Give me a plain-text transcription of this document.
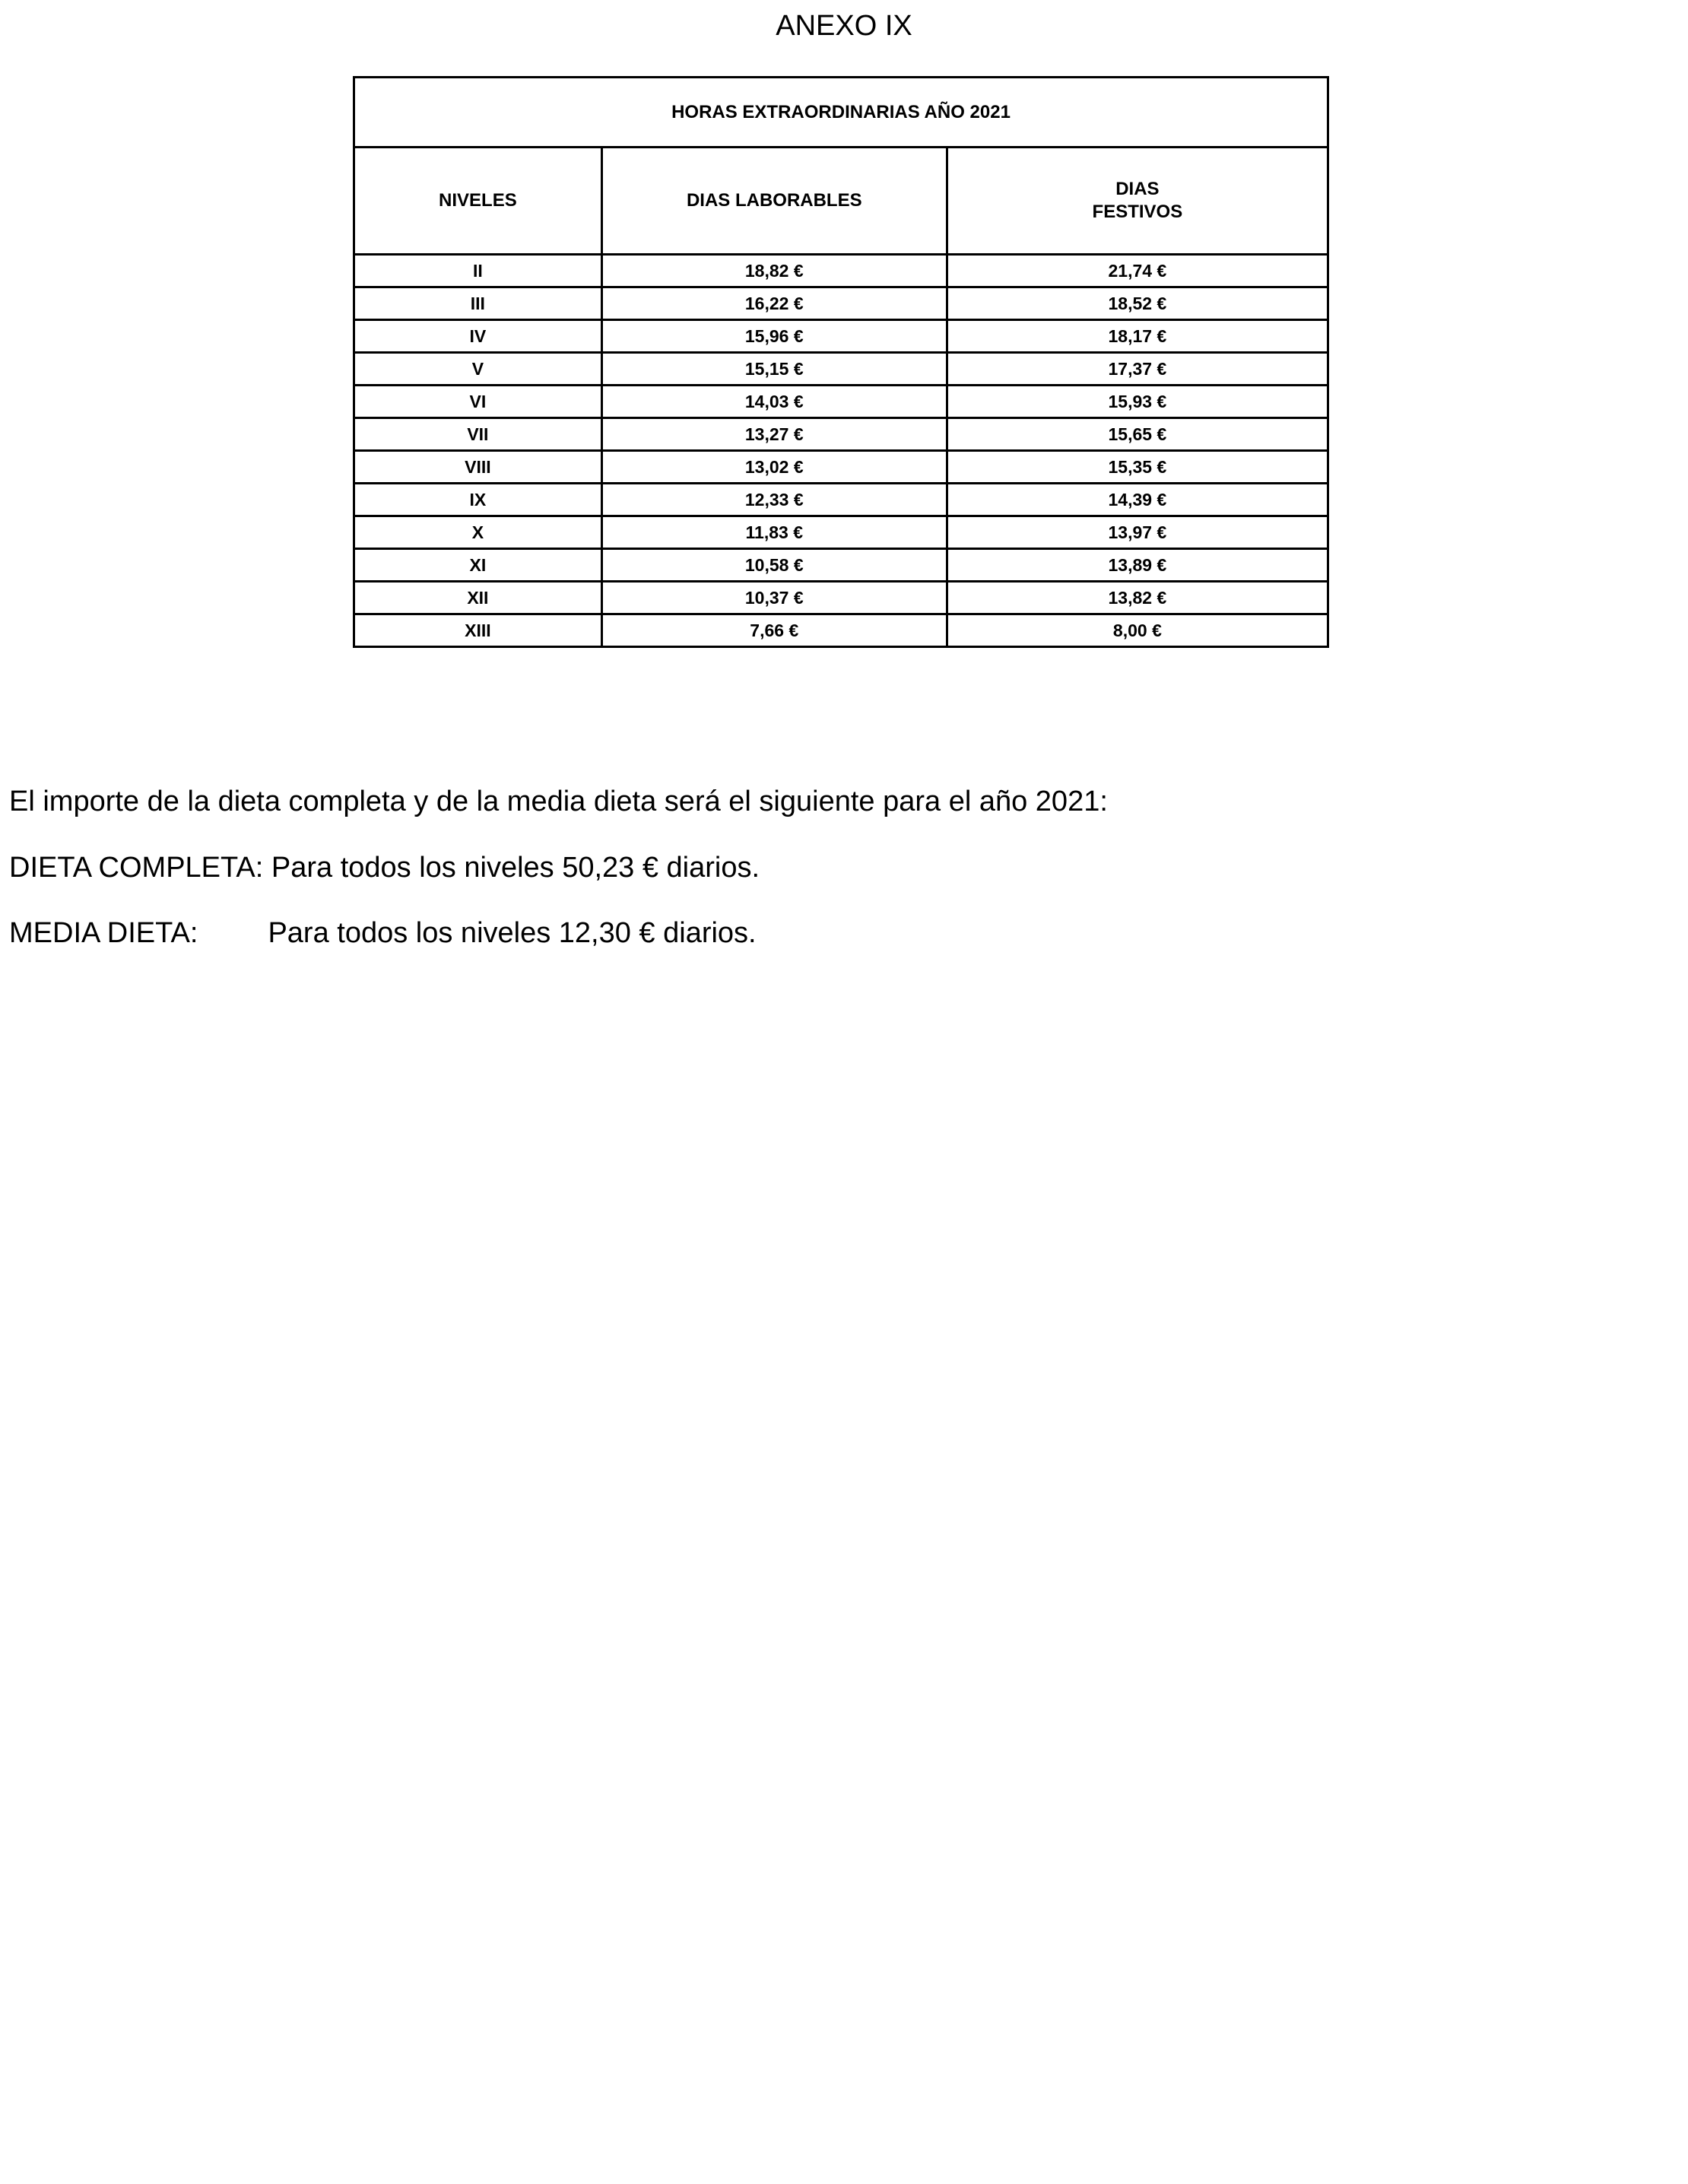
ANEXO IX
HORAS EXTRAORDINARIAS AÑO 2021		
NIVELES	DIAS LABORABLES	DIAS
FESTIVOS
II	18,82 €	21,74 €
III	16,22 €	18,52 €
IV	15,96 €	18,17 €
V	15,15 €	17,37 €
VI	14,03 €	15,93 €
VII	13,27 €	15,65 €
VIII	13,02 €	15,35 €
IX	12,33 €	14,39 €
X	11,83 €	13,97 €
XI	10,58 €	13,89 €
XII	10,37 €	13,82 €
XIII	7,66 €	8,00 €
El importe de la dieta completa y de la media dieta será el siguiente para el año 2021:
DIETA COMPLETA: Para todos los niveles 50,23 € diarios.
MEDIA DIETA: Para todos los niveles 12,30 € diarios.
